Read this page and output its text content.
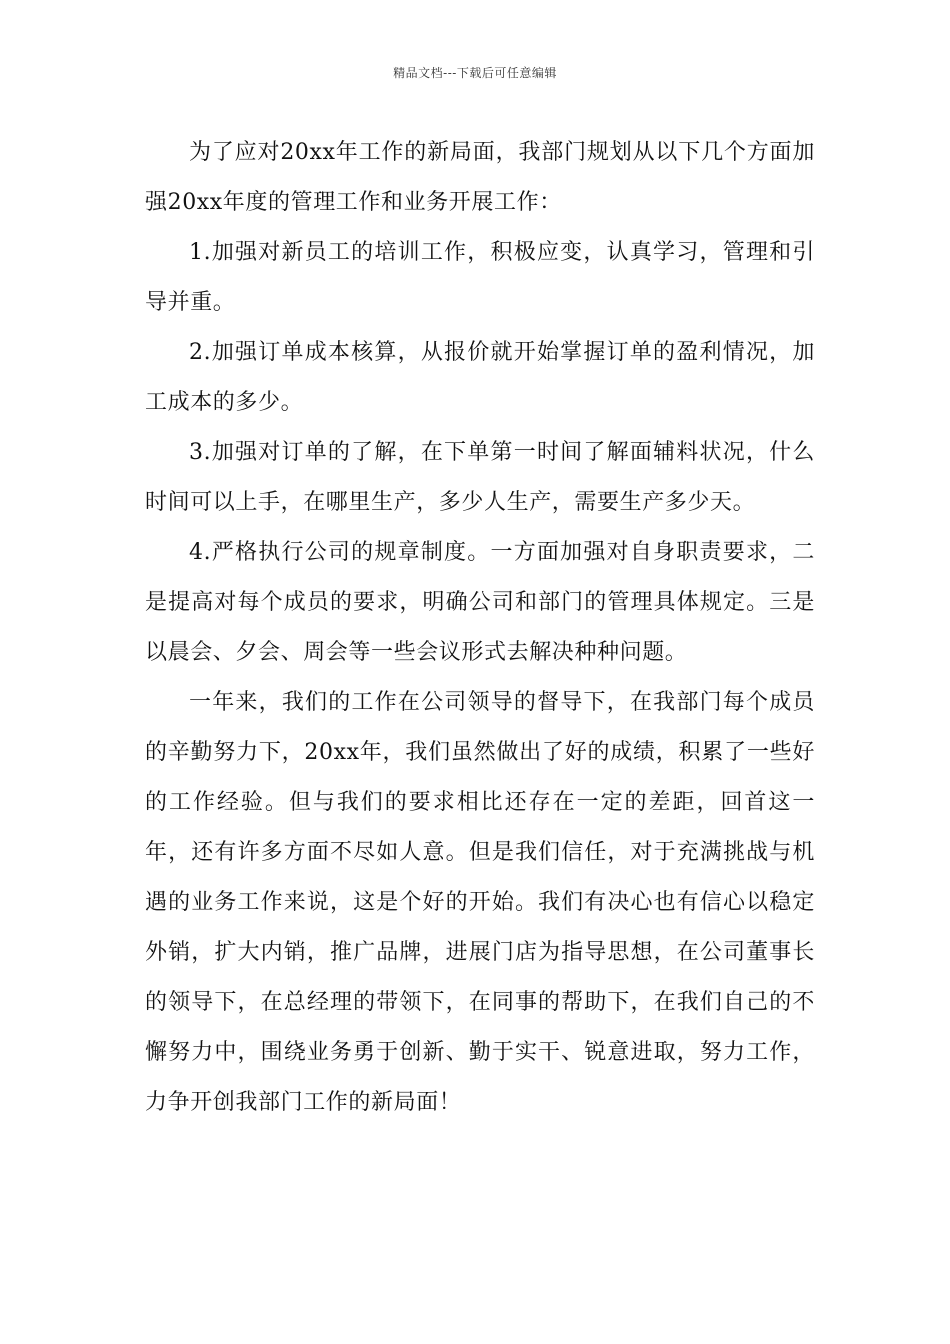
精品文档---下载后可任意编辑

为了应对20xx年工作的新局面，我部门规划从以下几个方面加强20xx年度的管理工作和业务开展工作：

1.加强对新员工的培训工作，积极应变，认真学习，管理和引导并重。

2.加强订单成本核算，从报价就开始掌握订单的盈利情况，加工成本的多少。

3.加强对订单的了解，在下单第一时间了解面辅料状况，什么时间可以上手，在哪里生产，多少人生产，需要生产多少天。

4.严格执行公司的规章制度。一方面加强对自身职责要求，二是提高对每个成员的要求，明确公司和部门的管理具体规定。三是以晨会、夕会、周会等一些会议形式去解决种种问题。

一年来，我们的工作在公司领导的督导下，在我部门每个成员的辛勤努力下，20xx年，我们虽然做出了好的成绩，积累了一些好的工作经验。但与我们的要求相比还存在一定的差距，回首这一年，还有许多方面不尽如人意。但是我们信任，对于充满挑战与机遇的业务工作来说，这是个好的开始。我们有决心也有信心以稳定外销，扩大内销，推广品牌，进展门店为指导思想，在公司董事长的领导下，在总经理的带领下，在同事的帮助下，在我们自己的不懈努力中，围绕业务勇于创新、勤于实干、锐意进取，努力工作，力争开创我部门工作的新局面！
